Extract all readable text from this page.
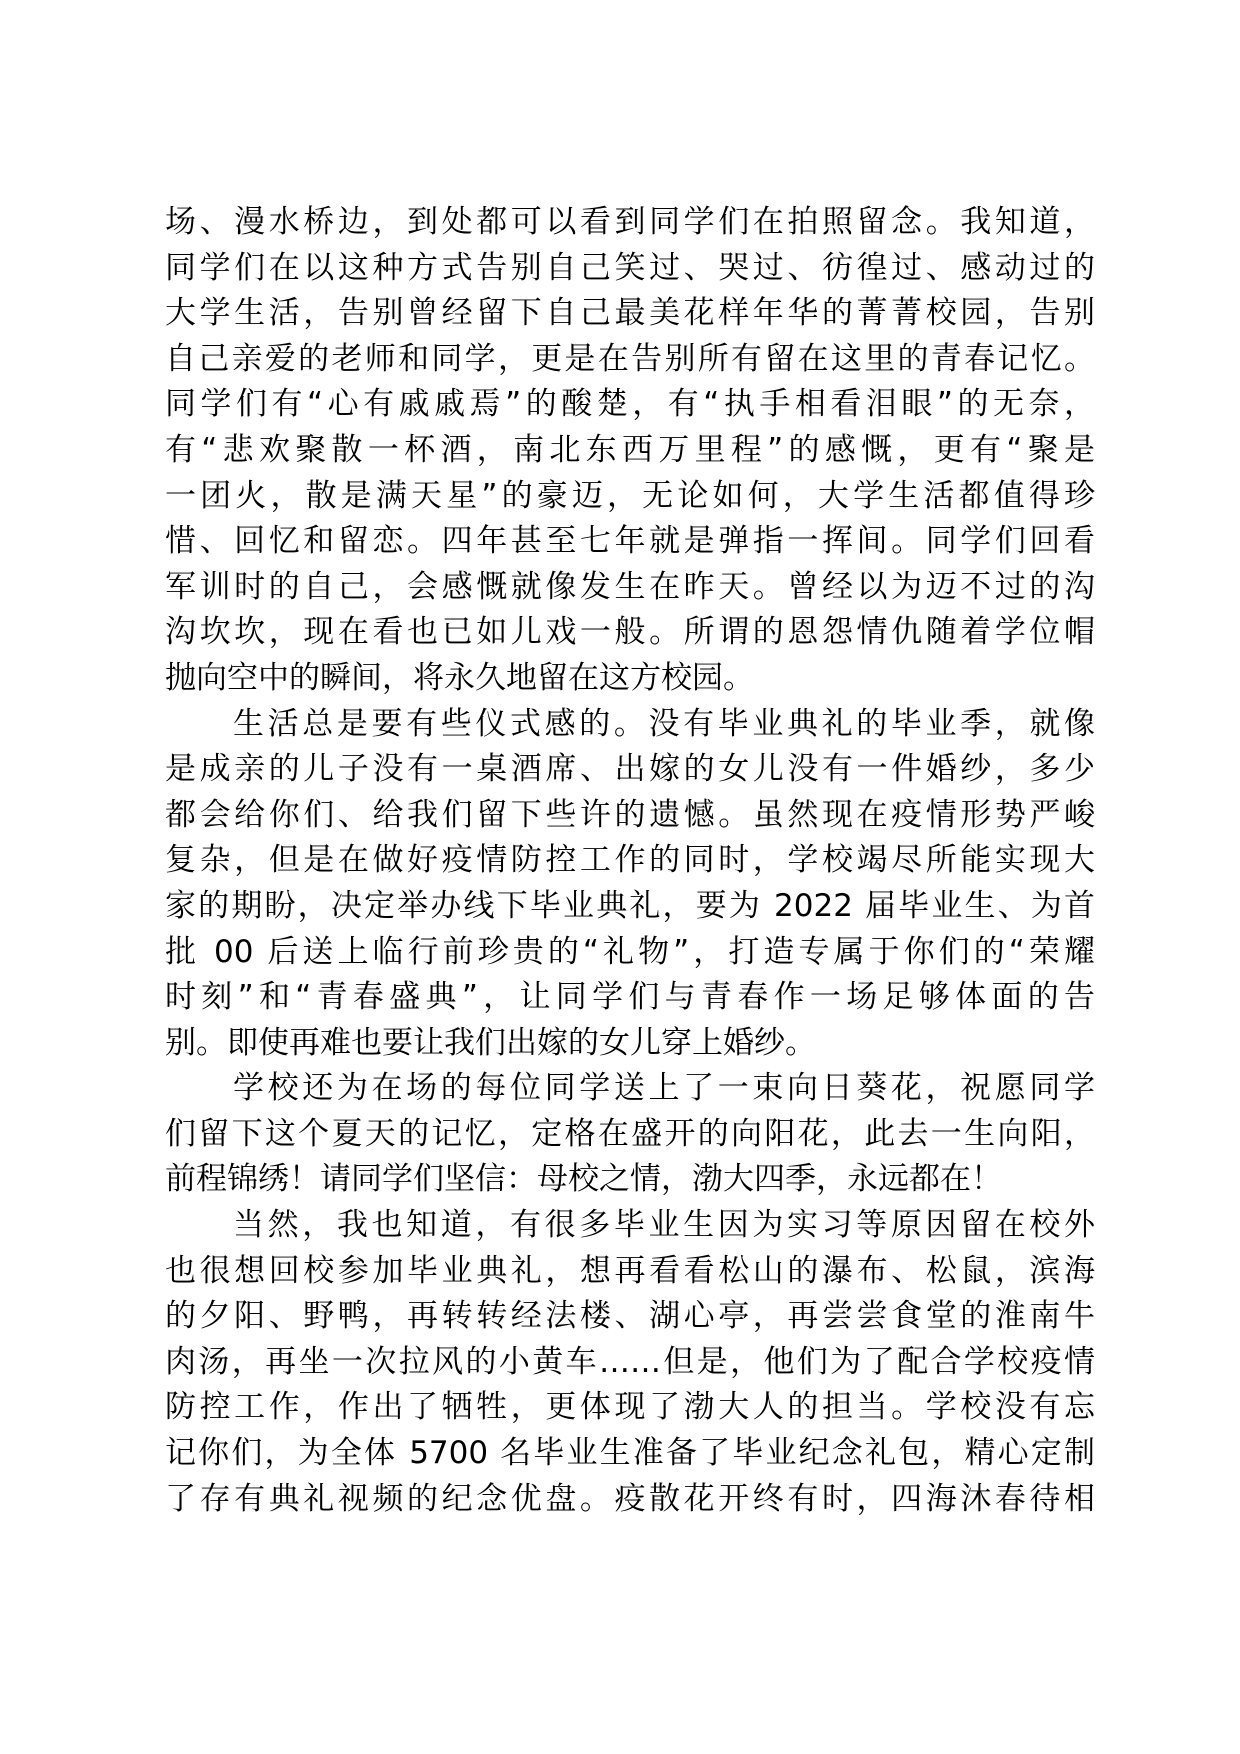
场、漫水桥边，到处都可以看到同学们在拍照留念。我知道，
同学们在以这种方式告别自己笑过、哭过、彷徨过、感动过的
大学生活，告别曾经留下自己最美花样年华的菁菁校园，告别
自己亲爱的老师和同学，更是在告别所有留在这里的青春记忆。
同学们有“心有戚戚焉”的酸楚，有“执手相看泪眼”的无奈，
有“悲欢聚散一杯酒，南北东西万里程”的感慨，更有“聚是
一团火，散是满天星”的豪迈，无论如何，大学生活都值得珍
惜、回忆和留恋。四年甚至七年就是弹指一挥间。同学们回看
军训时的自己，会感慨就像发生在昨天。曾经以为迈不过的沟
沟坎坎，现在看也已如儿戏一般。所谓的恩怨情仇随着学位帽
抛向空中的瞬间，将永久地留在这方校园。
生活总是要有些仪式感的。没有毕业典礼的毕业季，就像
是成亲的儿子没有一桌酒席、出嫁的女儿没有一件婚纱，多少
都会给你们、给我们留下些许的遗憾。虽然现在疫情形势严峻
复杂，但是在做好疫情防控工作的同时，学校竭尽所能实现大
家的期盼，决定举办线下毕业典礼，要为 2022 届毕业生、为首
批 00 后送上临行前珍贵的“礼物”，打造专属于你们的“荣耀
时刻”和“青春盛典”，让同学们与青春作一场足够体面的告
别。即使再难也要让我们出嫁的女儿穿上婚纱。
学校还为在场的每位同学送上了一束向日葵花，祝愿同学
们留下这个夏天的记忆，定格在盛开的向阳花，此去一生向阳，
前程锦绣！请同学们坚信：母校之情，渤大四季，永远都在！
当然，我也知道，有很多毕业生因为实习等原因留在校外
也很想回校参加毕业典礼，想再看看松山的瀑布、松鼠，滨海
的夕阳、野鸭，再转转经法楼、湖心亭，再尝尝食堂的淮南牛
肉汤，再坐一次拉风的小黄车……但是，他们为了配合学校疫情
防控工作，作出了牺牲，更体现了渤大人的担当。学校没有忘
记你们，为全体 5700 名毕业生准备了毕业纪念礼包，精心定制
了存有典礼视频的纪念优盘。疫散花开终有时，四海沐春待相
